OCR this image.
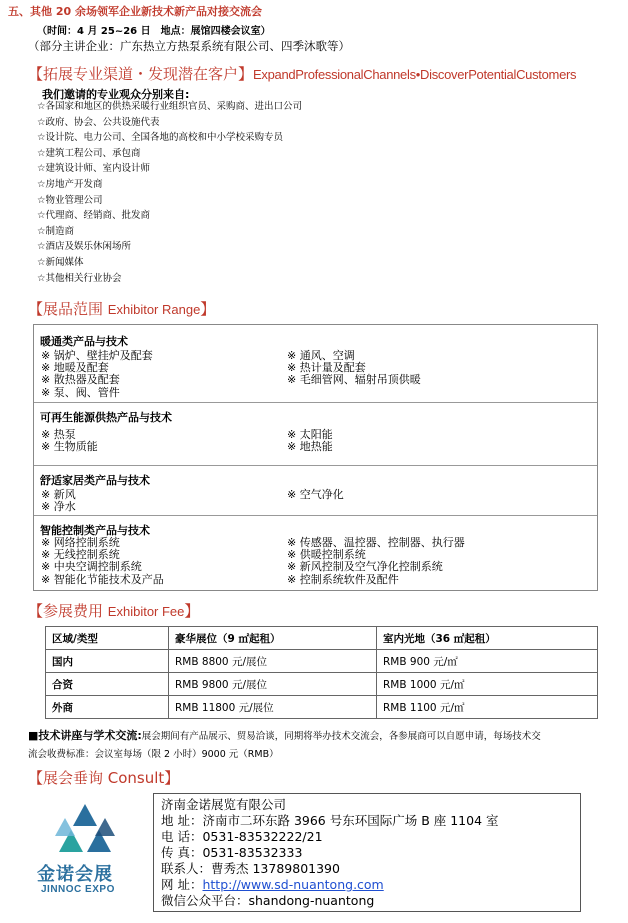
五、其他 20 余场领军企业新技术新产品对接交流会
（时间：4 月 25~26 日　地点：展馆四楼会议室）
（部分主讲企业：广东热立方热泵系统有限公司、四季沐歌等）
【拓展专业渠道・发现潜在客户】ExpandProfessionalChannels•DiscoverPotentialCustomers
我们邀请的专业观众分别来自:
☆各国家和地区的供热采暖行业组织官员、采购商、进出口公司
☆政府、协会、公共设施代表
☆设计院、电力公司、全国各地的高校和中小学校采购专员
☆建筑工程公司、承包商
☆建筑设计师、室内设计师
☆房地产开发商
☆物业管理公司
☆代理商、经销商、批发商
☆制造商
☆酒店及娱乐休闲场所
☆新闻媒体
☆其他相关行业协会
【展品范围 Exhibitor Range】
暖通类产品与技术
※ 锅炉、壁挂炉及配套
※ 地暖及配套
※ 散热器及配套
※ 泵、阀、管件
※ 通风、空调
※ 热计量及配套
※ 毛细管网、辐射吊顶供暖
可再生能源供热产品与技术
※ 热泵
※ 生物质能
※ 太阳能
※ 地热能
舒适家居类产品与技术
※ 新风
※ 净水
※ 空气净化
智能控制类产品与技术
※ 网络控制系统
※ 无线控制系统
※ 中央空调控制系统
※ 智能化节能技术及产品
※ 传感器、温控器、控制器、执行器
※ 供暖控制系统
※ 新风控制及空气净化控制系统
※ 控制系统软件及配件
【参展费用 Exhibitor Fee】
区域/类型	豪华展位（9 ㎡起租）	室内光地（36 ㎡起租）
国内	RMB 8800 元/展位	RMB 900 元/㎡
合资	RMB 9800 元/展位	RMB 1000 元/㎡
外商	RMB 11800 元/展位	RMB 1100 元/㎡
■技术讲座与学术交流:展会期间有产品展示、贸易洽谈，同期将举办技术交流会，各参展商可以自愿申请，每场技术交
流会收费标准：会议室每场（限 2 小时）9000 元（RMB）
【展会垂询 Consult】
金诺会展
JINNOC EXPO
济南金诺展览有限公司
地 址：济南市二环东路 3966 号东环国际广场 B 座 1104 室
电 话：0531-83532222/21
传 真：0531-83532333
联系人：曹秀杰 13789801390
网 址：http://www.sd-nuantong.com
微信公众平台：shandong-nuantong
